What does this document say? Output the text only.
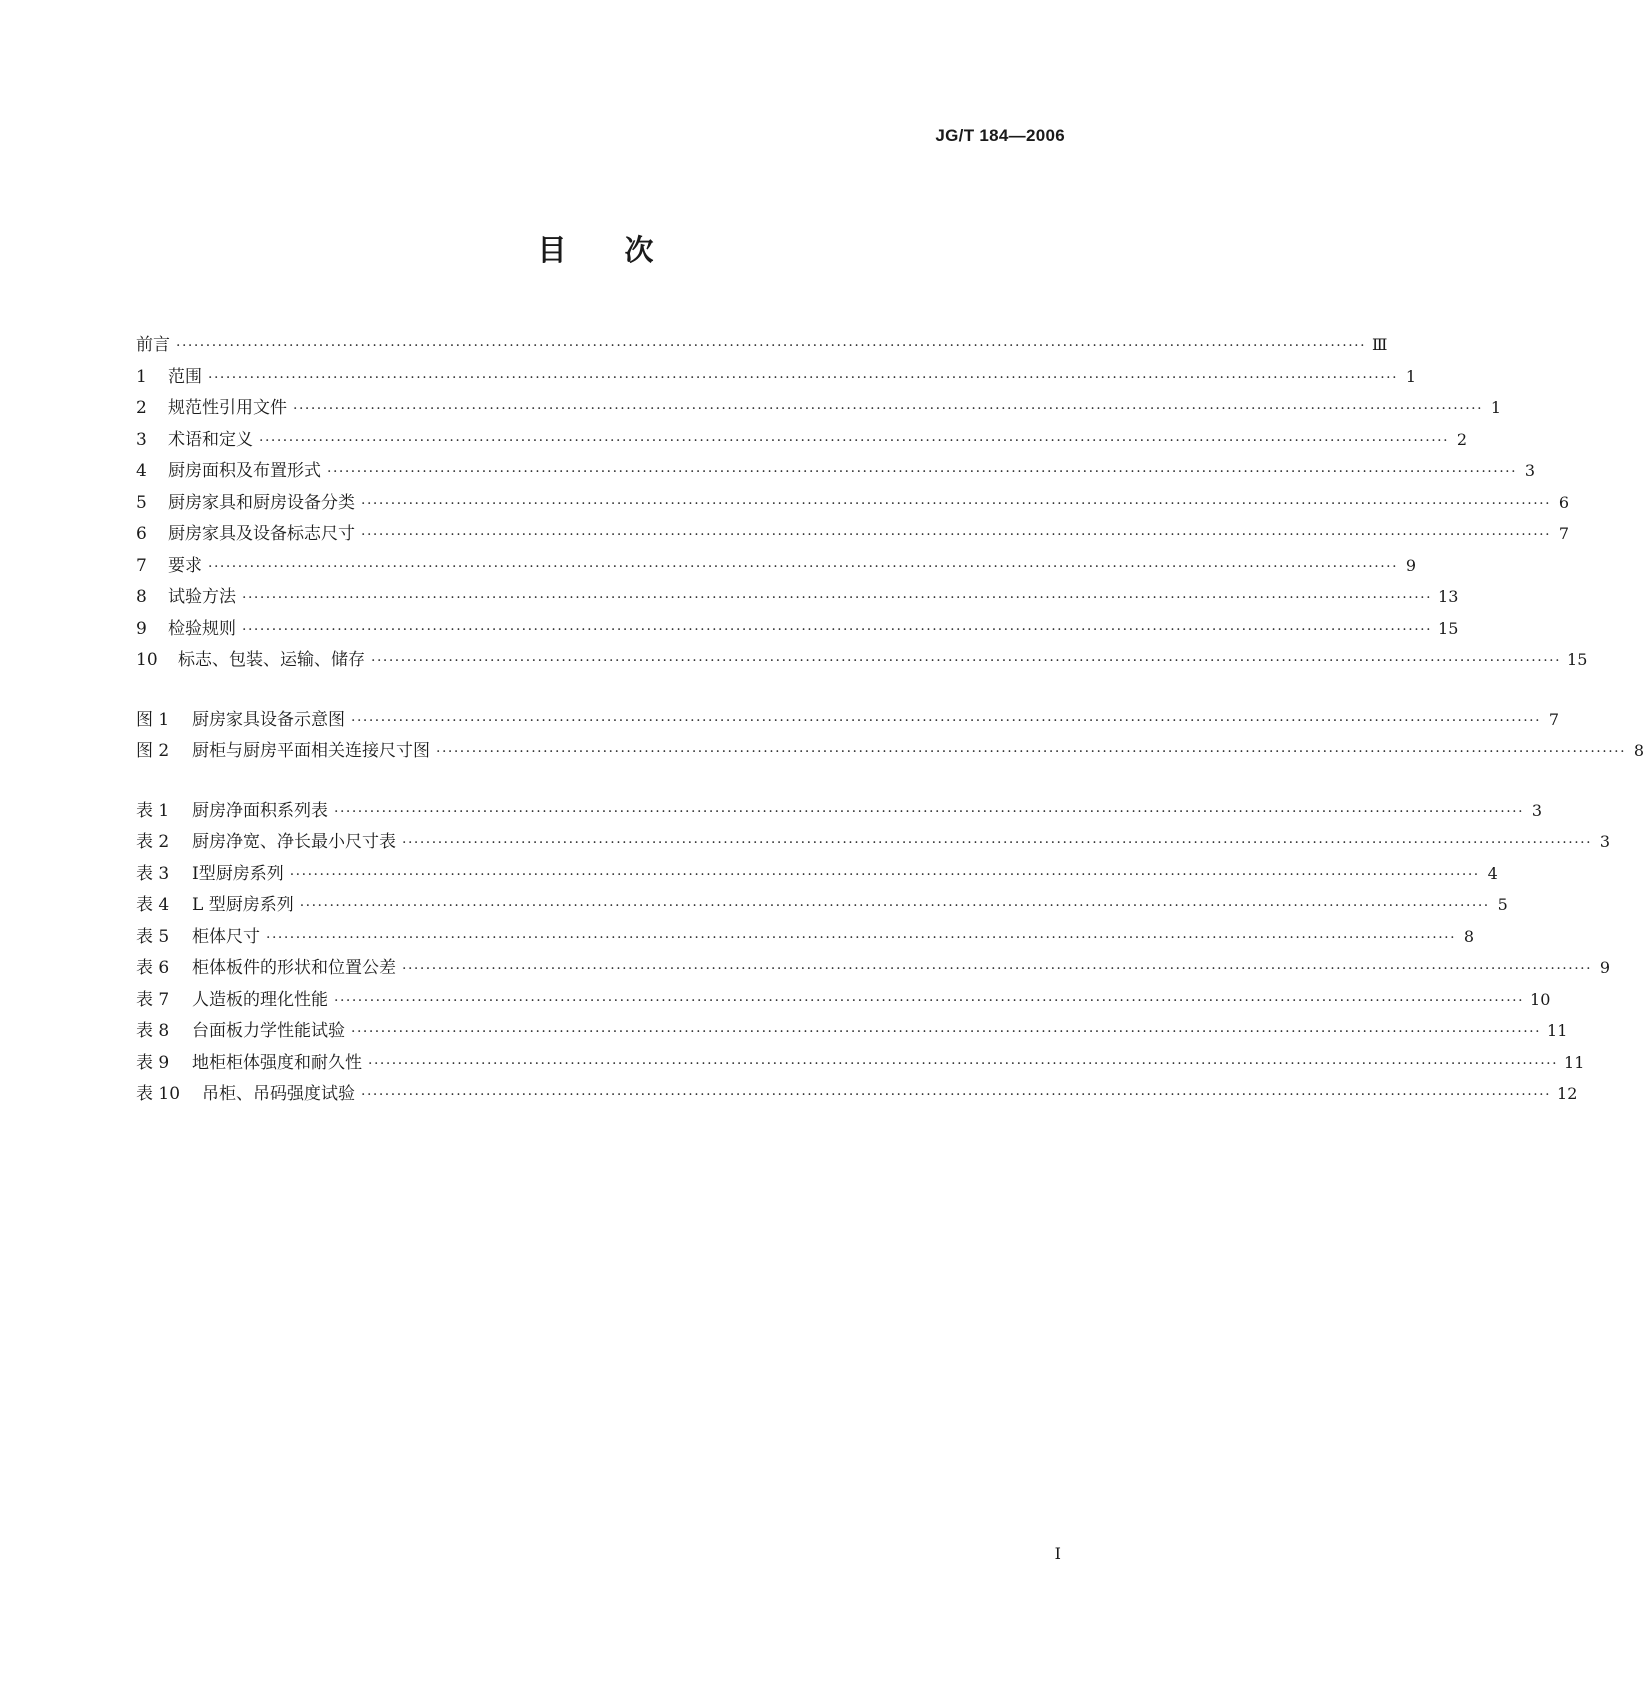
JG/T 184—2006
目 次
前言 ········································································································································································································ Ⅲ
1	范围 ········································································································································································································ 1
2	规范性引用文件 ········································································································································································································ 1
3	术语和定义 ········································································································································································································ 2
4	厨房面积及布置形式 ········································································································································································································ 3
5	厨房家具和厨房设备分类 ········································································································································································································ 6
6	厨房家具及设备标志尺寸 ········································································································································································································ 7
7	要求 ········································································································································································································ 9
8	试验方法 ········································································································································································································ 13
9	检验规则 ········································································································································································································ 15
10	标志、包装、运输、储存 ········································································································································································································ 15
图 1	厨房家具设备示意图 ········································································································································································································ 7
图 2	厨柜与厨房平面相关连接尺寸图 ········································································································································································································ 8
表 1	厨房净面积系列表 ········································································································································································································ 3
表 2	厨房净宽、净长最小尺寸表 ········································································································································································································ 3
表 3	Ⅰ型厨房系列 ········································································································································································································ 4
表 4	L 型厨房系列 ········································································································································································································ 5
表 5	柜体尺寸 ········································································································································································································ 8
表 6	柜体板件的形状和位置公差 ········································································································································································································ 9
表 7	人造板的理化性能 ········································································································································································································ 10
表 8	台面板力学性能试验 ········································································································································································································ 11
表 9	地柜柜体强度和耐久性 ········································································································································································································ 11
表 10	吊柜、吊码强度试验 ········································································································································································································ 12
Ⅰ
